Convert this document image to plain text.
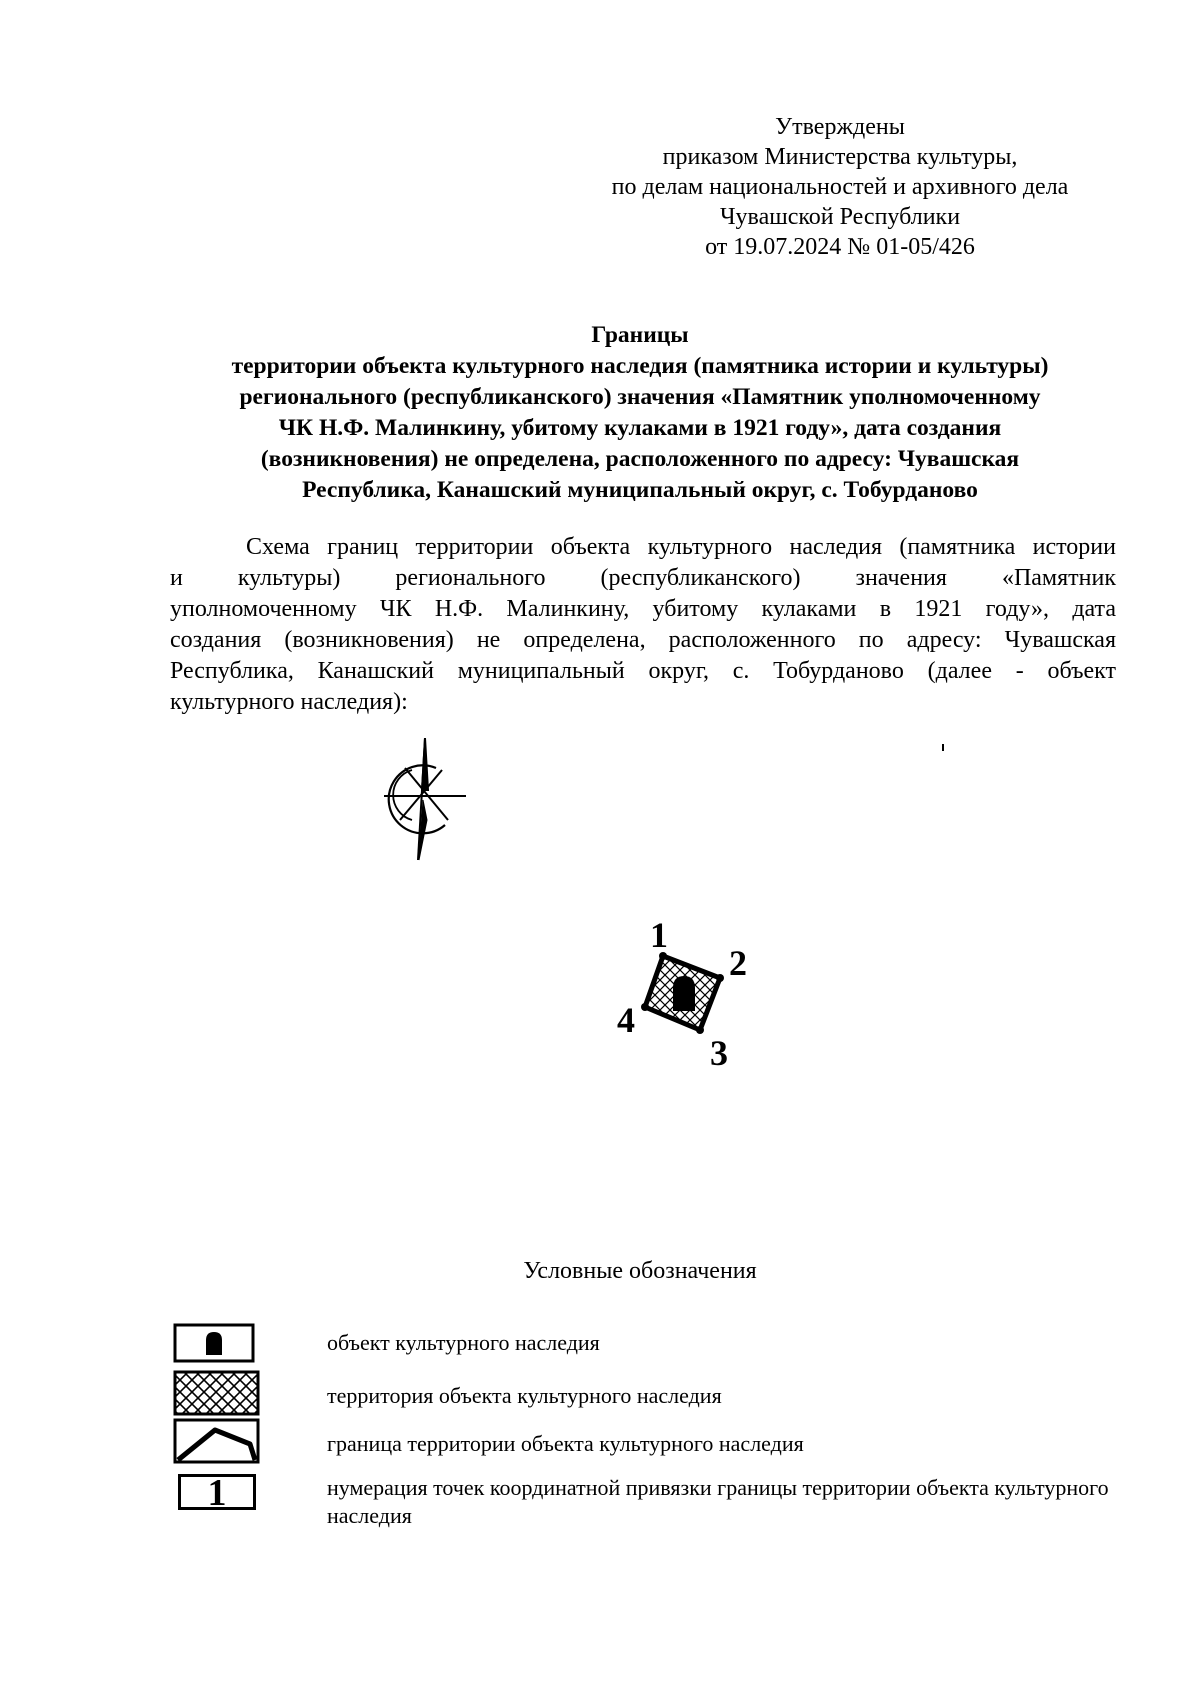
Утверждены
приказом Министерства культуры,
по делам национальностей и архивного дела
Чувашской Республики
от 19.07.2024 № 01-05/426
Границы
территории объекта культурного наследия (памятника истории и культуры)
регионального (республиканского) значения «Памятник уполномоченному
ЧК Н.Ф. Малинкину, убитому кулаками в 1921 году», дата создания
(возникновения) не определена, расположенного по адресу: Чувашская
Республика, Канашский муниципальный округ, с. Тобурданово
Схема границ территории объекта культурного наследия (памятника истории
и культуры) регионального (республиканского) значения «Памятник
уполномоченному ЧК Н.Ф. Малинкину, убитому кулаками в 1921 году», дата
создания (возникновения) не определена, расположенного по адресу: Чувашская
Республика, Канашский муниципальный округ, с. Тобурданово (далее - объект
культурного наследия):
1
2
3
4
Условные обозначения
объект культурного наследия
территория объекта культурного наследия
граница территории объекта культурного наследия
1	нумерация точек координатной привязки границы территории объекта культурного наследия
